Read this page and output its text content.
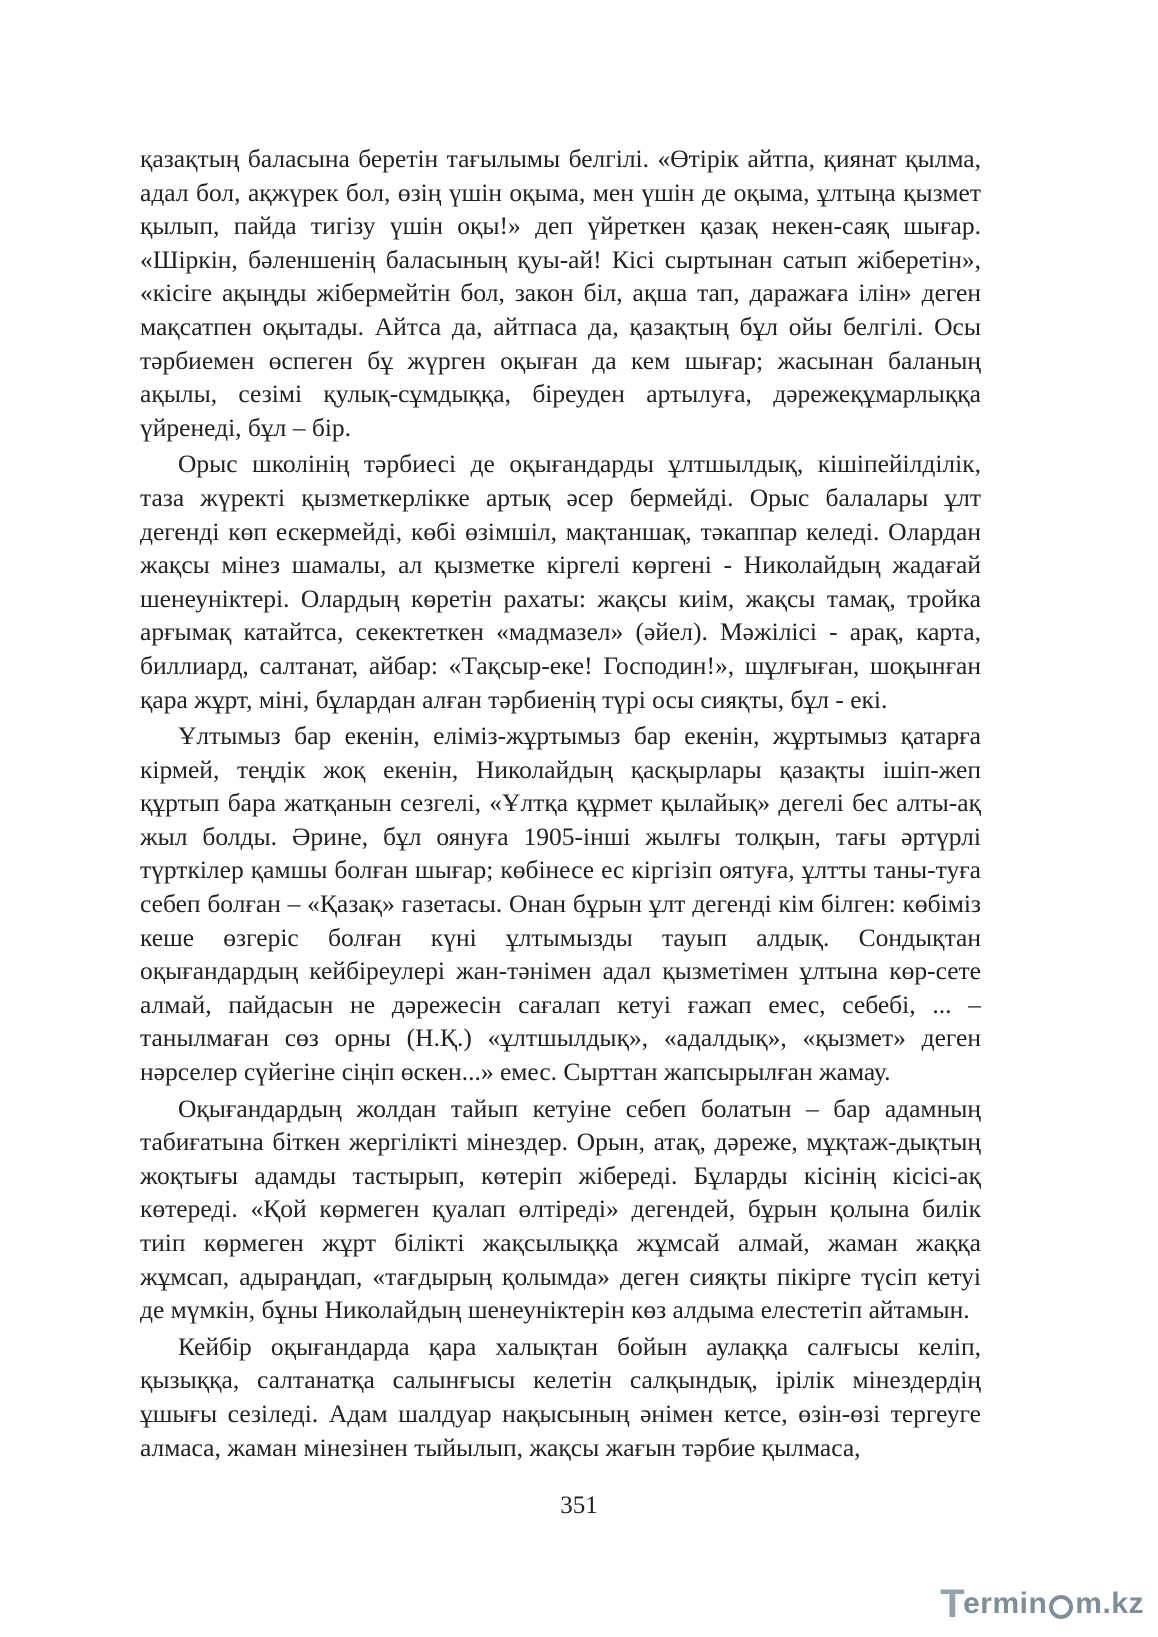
қазақтың баласына беретін тағылымы белгілі. «Өтірік айтпа, қиянат қылма, адал бол, ақжүрек бол, өзің үшін оқыма, мен үшін де оқыма, ұлтыңа қызмет қылып, пайда тигізу үшін оқы!» деп үйреткен қазақ некен-саяқ шығар. «Шіркін, бәленшенің баласының қуы-ай! Кісі сыртынан сатып жіберетін», «кісіге ақыңды жібермейтін бол, закон біл, ақша тап, даражаға ілін» деген мақсатпен оқытады. Айтса да, айтпаса да, қазақтың бұл ойы белгілі. Осы тәрбиемен өспеген бұ жүрген оқыған да кем шығар; жасынан баланың ақылы, сезімі қулық-сұмдыққа, біреуден артылуға, дәрежеқұмарлыққа үйренеді, бұл – бір.

Орыс школінің тәрбиесі де оқығандарды ұлтшылдық, кішіпейілділік, таза жүректі қызметкерлікке артық әсер бермейді. Орыс балалары ұлт дегенді көп ескермейді, көбі өзімшіл, мақтаншақ, тәкаппар келеді. Олардан жақсы мінез шамалы, ал қызметке кіргелі көргені - Николайдың жадағай шенеуніктері. Олардың көретін рахаты: жақсы киім, жақсы тамақ, тройка арғымақ катайтса, секектеткен «мадмазел» (әйел). Мәжілісі - арақ, карта, биллиард, салтанат, айбар: «Тақсыр-еке! Господин!», шұлғыған, шоқынған қара жұрт, міні, бұлардан алған тәрбиенің түрі осы сияқты, бұл - екі.

Ұлтымыз бар екенін, еліміз-жұртымыз бар екенін, жұртымыз қатарға кірмей, теңдік жоқ екенін, Николайдың қасқырлары қазақты ішіп-жеп құртып бара жатқанын сезгелі, «Ұлтқа құрмет қылайық» дегелі бес алты-ақ жыл болды. Әрине, бұл оянуға 1905-інші жылғы толқын, тағы әртүрлі түрткілер қамшы болған шығар; көбінесе ес кіргізіп оятуға, ұлтты таны-туға себеп болған – «Қазақ» газетасы. Онан бұрын ұлт дегенді кім білген: көбіміз кеше өзгеріс болған күні ұлтымызды тауып алдық. Сондықтан оқығандардың кейбіреулері жан-тәнімен адал қызметімен ұлтына көр-сете алмай, пайдасын не дәрежесін сағалап кетуі ғажап емес, себебі, ... – танылмаған сөз орны (Н.Қ.) «ұлтшылдық», «адалдық», «қызмет» деген нәрселер сүйегіне сіңіп өскен...» емес. Сырттан жапсырылған жамау.

Оқығандардың жолдан тайып кетуіне себеп болатын – бар адамның табиғатына біткен жергілікті мінездер. Орын, атақ, дәреже, мұқтаж-дықтың жоқтығы адамды тастырып, көтеріп жібереді. Бұларды кісінің кісісі-ақ көтереді. «Қой көрмеген қуалап өлтіреді» дегендей, бұрын қолына билік тиіп көрмеген жұрт білікті жақсылыққа жұмсай алмай, жаман жаққа жұмсап, адыраңдап, «тағдырың қолымда» деген сияқты пікірге түсіп кетуі де мүмкін, бұны Николайдың шенеуніктерін көз алдыма елестетіп айтамын.

Кейбір оқығандарда қара халықтан бойын аулаққа салғысы келіп, қызыққа, салтанатқа салынғысы келетін салқындық, ірілік мінездердің ұшығы сезіледі. Адам шалдуар нақысының әнімен кетсе, өзін-өзі тергеуге алмаса, жаман мінезінен тыйылып, жақсы жағын тәрбие қылмаса,

351
T
ermin m.kz
